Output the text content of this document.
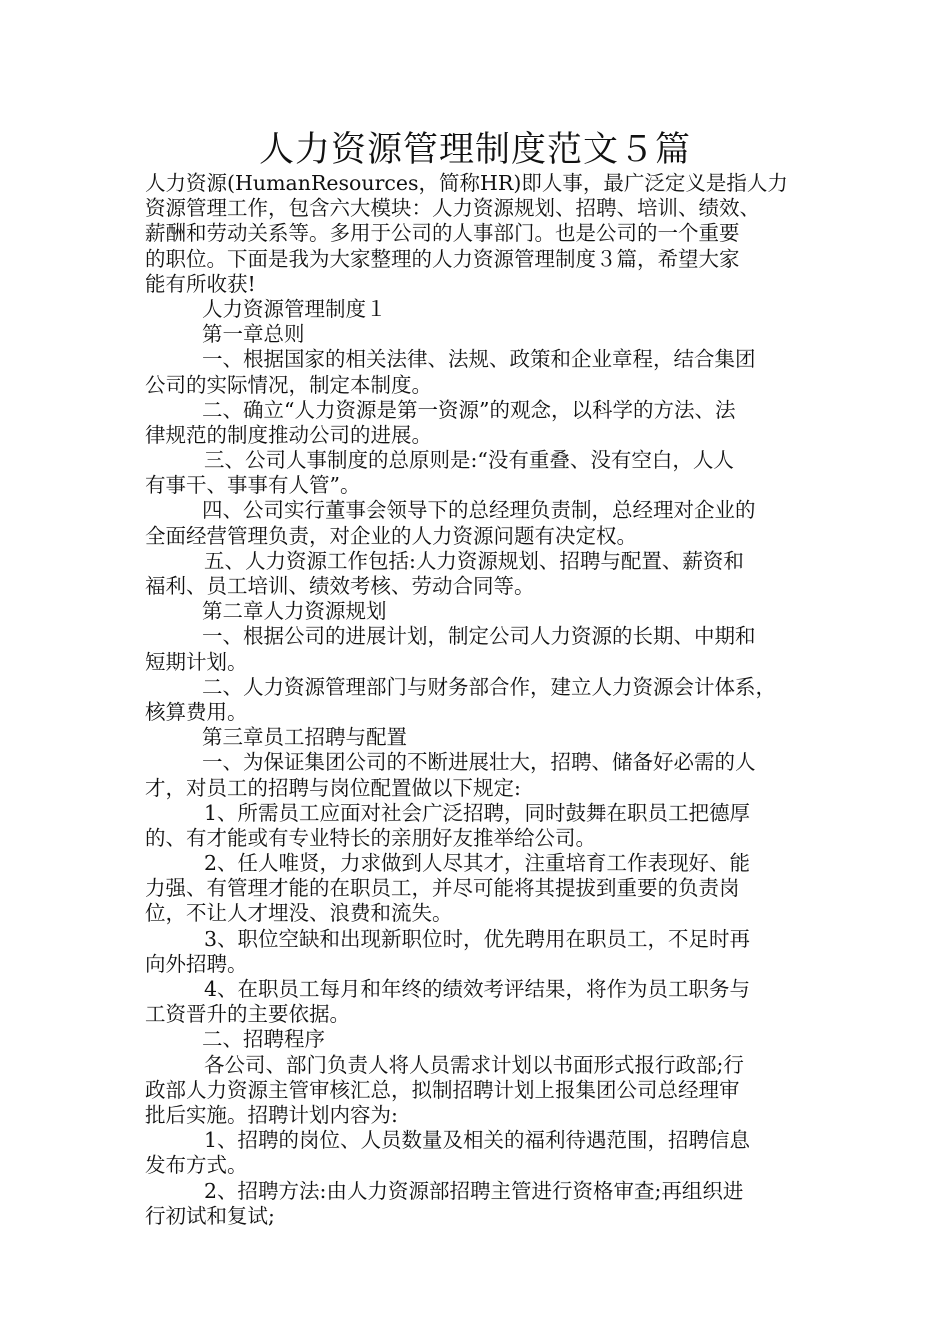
人力资源管理制度范文５篇
人力资源(HumanResources，简称HR)即人事，最广泛定义是指人力
资源管理工作，包含六大模块：人力资源规划、招聘、培训、绩效、
薪酬和劳动关系等。多用于公司的人事部门。也是公司的一个重要
的职位。下面是我为大家整理的人力资源管理制度３篇，希望大家
能有所收获!
人力资源管理制度１
第一章总则
一、根据国家的相关法律、法规、政策和企业章程，结合集团
公司的实际情况，制定本制度。
二、确立“人力资源是第一资源”的观念，以科学的方法、法
律规范的制度推动公司的进展。
三、公司人事制度的总原则是:“没有重叠、没有空白，人人
有事干、事事有人管”。
四、公司实行董事会领导下的总经理负责制，总经理对企业的
全面经营管理负责，对企业的人力资源问题有决定权。
五、人力资源工作包括:人力资源规划、招聘与配置、薪资和
福利、员工培训、绩效考核、劳动合同等。
第二章人力资源规划
一、根据公司的进展计划，制定公司人力资源的长期、中期和
短期计划。
二、人力资源管理部门与财务部合作，建立人力资源会计体系，
核算费用。
第三章员工招聘与配置
一、为保证集团公司的不断进展壮大，招聘、储备好必需的人
才，对员工的招聘与岗位配置做以下规定:
1、所需员工应面对社会广泛招聘，同时鼓舞在职员工把德厚
的、有才能或有专业特长的亲朋好友推举给公司。
2、任人唯贤，力求做到人尽其才，注重培育工作表现好、能
力强、有管理才能的在职员工，并尽可能将其提拔到重要的负责岗
位，不让人才埋没、浪费和流失。
3、职位空缺和出现新职位时，优先聘用在职员工，不足时再
向外招聘。
4、在职员工每月和年终的绩效考评结果，将作为员工职务与
工资晋升的主要依据。
二、招聘程序
各公司、部门负责人将人员需求计划以书面形式报行政部;行
政部人力资源主管审核汇总，拟制招聘计划上报集团公司总经理审
批后实施。招聘计划内容为:
1、招聘的岗位、人员数量及相关的福利待遇范围，招聘信息
发布方式。
2、招聘方法:由人力资源部招聘主管进行资格审查;再组织进
行初试和复试;
